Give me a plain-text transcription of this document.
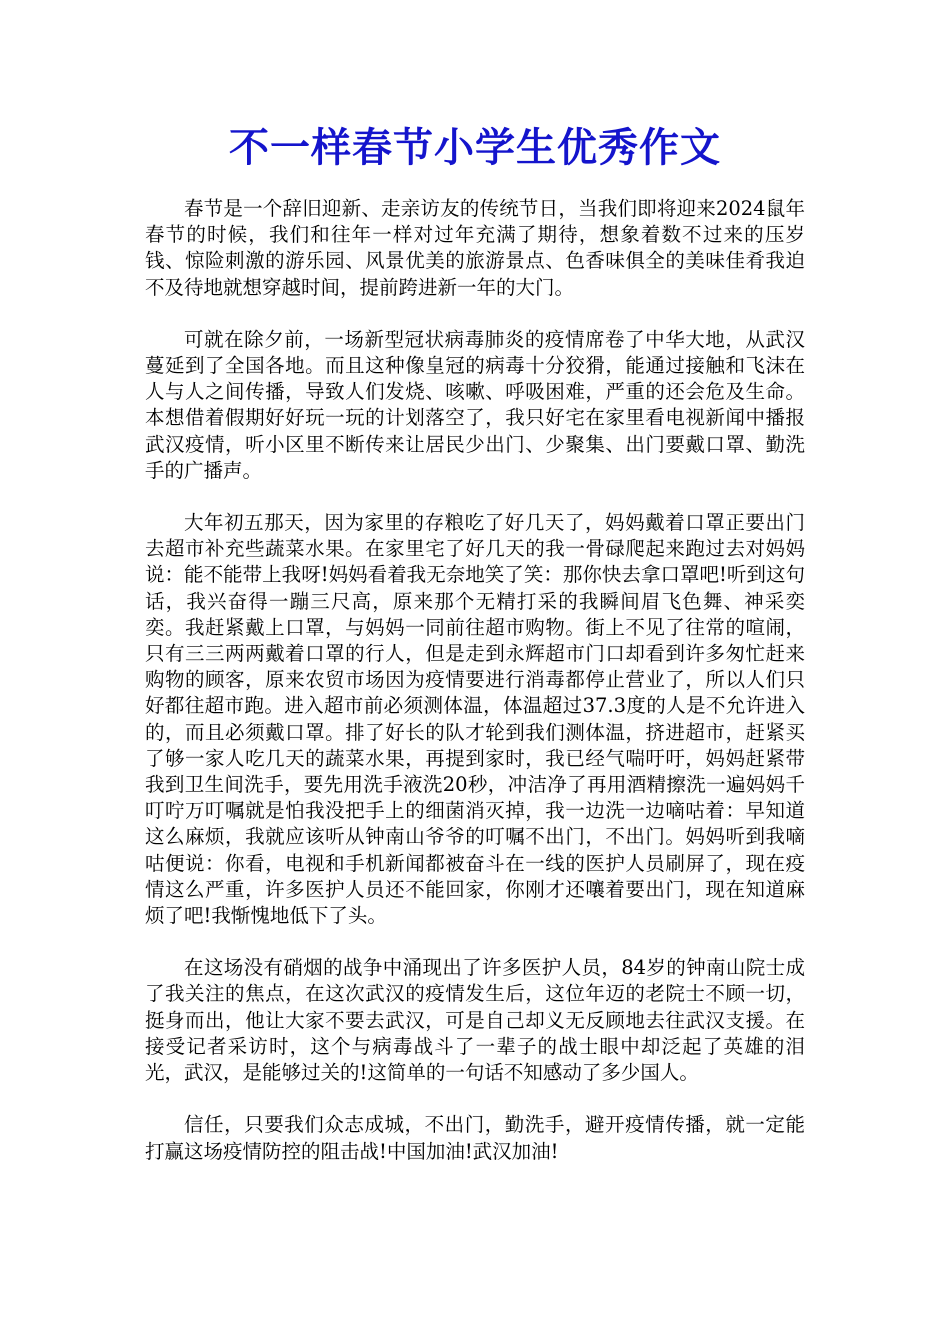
不一样春节小学生优秀作文

春节是一个辞旧迎新、走亲访友的传统节日，当我们即将迎来2024鼠年春节的时候，我们和往年一样对过年充满了期待，想象着数不过来的压岁钱、惊险刺激的游乐园、风景优美的旅游景点、色香味俱全的美味佳肴我迫不及待地就想穿越时间，提前跨进新一年的大门。

可就在除夕前，一场新型冠状病毒肺炎的疫情席卷了中华大地，从武汉蔓延到了全国各地。而且这种像皇冠的病毒十分狡猾，能通过接触和飞沫在人与人之间传播，导致人们发烧、咳嗽、呼吸困难，严重的还会危及生命。本想借着假期好好玩一玩的计划落空了，我只好宅在家里看电视新闻中播报武汉疫情，听小区里不断传来让居民少出门、少聚集、出门要戴口罩、勤洗手的广播声。

大年初五那天，因为家里的存粮吃了好几天了，妈妈戴着口罩正要出门去超市补充些蔬菜水果。在家里宅了好几天的我一骨碌爬起来跑过去对妈妈说：能不能带上我呀!妈妈看着我无奈地笑了笑：那你快去拿口罩吧!听到这句话，我兴奋得一蹦三尺高，原来那个无精打采的我瞬间眉飞色舞、神采奕奕。我赶紧戴上口罩，与妈妈一同前往超市购物。街上不见了往常的喧闹，只有三三两两戴着口罩的行人，但是走到永辉超市门口却看到许多匆忙赶来购物的顾客，原来农贸市场因为疫情要进行消毒都停止营业了，所以人们只好都往超市跑。进入超市前必须测体温，体温超过37.3度的人是不允许进入的，而且必须戴口罩。排了好长的队才轮到我们测体温，挤进超市，赶紧买了够一家人吃几天的蔬菜水果，再提到家时，我已经气喘吁吁，妈妈赶紧带我到卫生间洗手，要先用洗手液洗20秒，冲洁净了再用酒精擦洗一遍妈妈千叮咛万叮嘱就是怕我没把手上的细菌消灭掉，我一边洗一边嘀咕着：早知道这么麻烦，我就应该听从钟南山爷爷的叮嘱不出门，不出门。妈妈听到我嘀咕便说：你看，电视和手机新闻都被奋斗在一线的医护人员刷屏了，现在疫情这么严重，许多医护人员还不能回家，你刚才还嚷着要出门，现在知道麻烦了吧!我惭愧地低下了头。

在这场没有硝烟的战争中涌现出了许多医护人员，84岁的钟南山院士成了我关注的焦点，在这次武汉的疫情发生后，这位年迈的老院士不顾一切，挺身而出，他让大家不要去武汉，可是自己却义无反顾地去往武汉支援。在接受记者采访时，这个与病毒战斗了一辈子的战士眼中却泛起了英雄的泪光，武汉，是能够过关的!这简单的一句话不知感动了多少国人。

信任，只要我们众志成城，不出门，勤洗手，避开疫情传播，就一定能打赢这场疫情防控的阻击战!中国加油!武汉加油!
